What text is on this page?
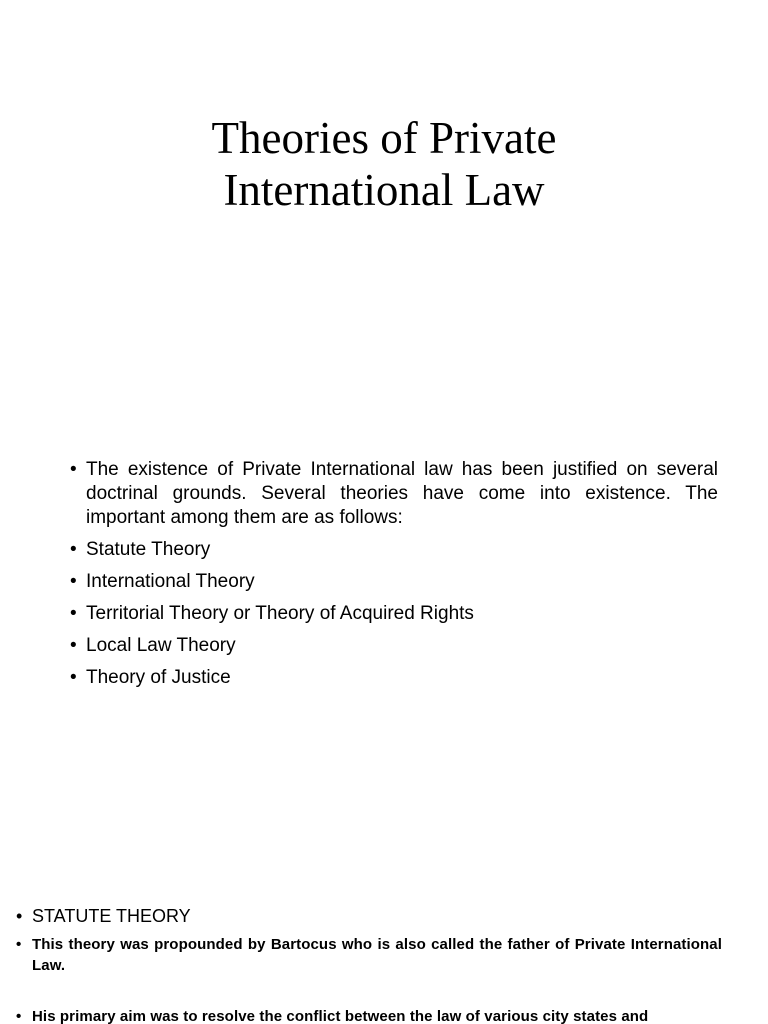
Theories of Private
International Law
• The existence of Private International law has been justified on several doctrinal grounds. Several theories have come into existence. The important among them are as follows:
• Statute Theory
• International Theory
• Territorial Theory or Theory of Acquired Rights
• Local Law Theory
• Theory of Justice
• STATUTE THEORY
• This theory was propounded by Bartocus who is also called the father of Private International Law.
• His primary aim was to resolve the conflict between the law of various city states and
